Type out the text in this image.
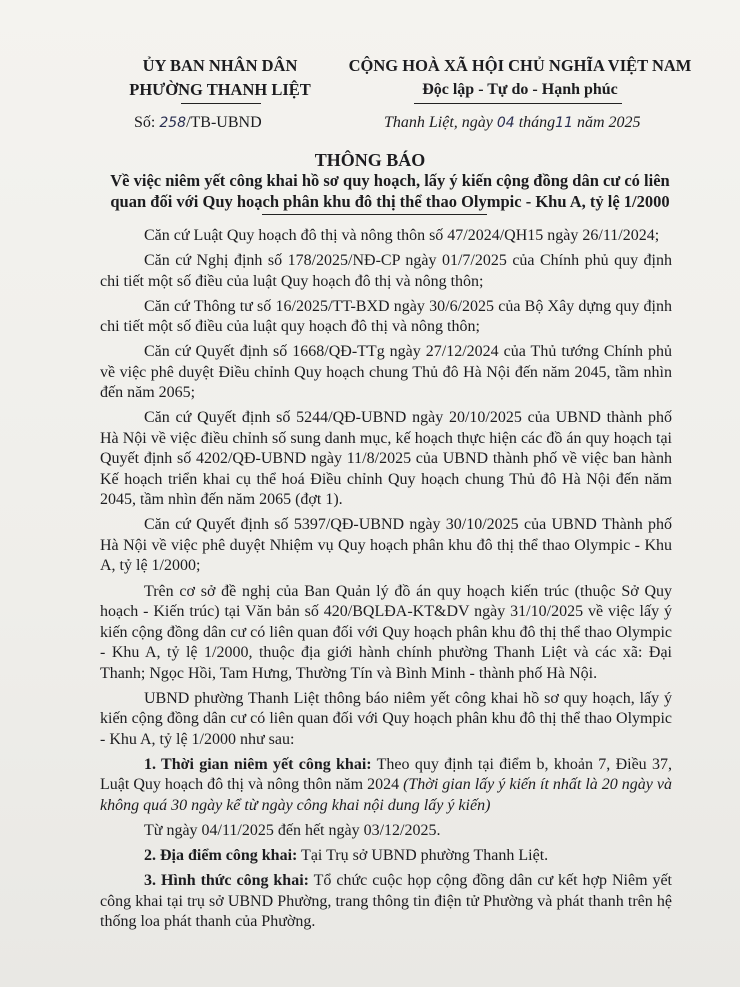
ỦY BAN NHÂN DÂN
PHƯỜNG THANH LIỆT
CỘNG HOÀ XÃ HỘI CHỦ NGHĨA VIỆT NAM
Độc lập - Tự do - Hạnh phúc
Số: 258/TB-UBND	Thanh Liệt, ngày 04 tháng11 năm 2025
THÔNG BÁO
Về việc niêm yết công khai hồ sơ quy hoạch, lấy ý kiến cộng đồng dân cư có liên quan đối với Quy hoạch phân khu đô thị thể thao Olympic - Khu A, tỷ lệ 1/2000

Căn cứ Luật Quy hoạch đô thị và nông thôn số 47/2024/QH15 ngày 26/11/2024;

Căn cứ Nghị định số 178/2025/NĐ-CP ngày 01/7/2025 của Chính phủ quy định chi tiết một số điều của luật Quy hoạch đô thị và nông thôn;

Căn cứ Thông tư số 16/2025/TT-BXD ngày 30/6/2025 của Bộ Xây dựng quy định chi tiết một số điều của luật quy hoạch đô thị và nông thôn;

Căn cứ Quyết định số 1668/QĐ-TTg ngày 27/12/2024 của Thủ tướng Chính phủ về việc phê duyệt Điều chỉnh Quy hoạch chung Thủ đô Hà Nội đến năm 2045, tầm nhìn đến năm 2065;

Căn cứ Quyết định số 5244/QĐ-UBND ngày 20/10/2025 của UBND thành phố Hà Nội về việc điều chỉnh số sung danh mục, kế hoạch thực hiện các đồ án quy hoạch tại Quyết định số 4202/QĐ-UBND ngày 11/8/2025 của UBND thành phố về việc ban hành Kế hoạch triển khai cụ thể hoá Điều chỉnh Quy hoạch chung Thủ đô Hà Nội đến năm 2045, tầm nhìn đến năm 2065 (đợt 1).

Căn cứ Quyết định số 5397/QĐ-UBND ngày 30/10/2025 của UBND Thành phố Hà Nội về việc phê duyệt Nhiệm vụ Quy hoạch phân khu đô thị thể thao Olympic - Khu A, tỷ lệ 1/2000;

Trên cơ sở đề nghị của Ban Quản lý đồ án quy hoạch kiến trúc (thuộc Sở Quy hoạch - Kiến trúc) tại Văn bản số 420/BQLĐA-KT&DV ngày 31/10/2025 về việc lấy ý kiến cộng đồng dân cư có liên quan đối với Quy hoạch phân khu đô thị thể thao Olympic - Khu A, tỷ lệ 1/2000, thuộc địa giới hành chính phường Thanh Liệt và các xã: Đại Thanh; Ngọc Hồi, Tam Hưng, Thường Tín và Bình Minh - thành phố Hà Nội.

UBND phường Thanh Liệt thông báo niêm yết công khai hồ sơ quy hoạch, lấy ý kiến cộng đồng dân cư có liên quan đối với Quy hoạch phân khu đô thị thể thao Olympic - Khu A, tỷ lệ 1/2000 như sau:

1. Thời gian niêm yết công khai: Theo quy định tại điểm b, khoản 7, Điều 37, Luật Quy hoạch đô thị và nông thôn năm 2024 (Thời gian lấy ý kiến ít nhất là 20 ngày và không quá 30 ngày kể từ ngày công khai nội dung lấy ý kiến)

Từ ngày 04/11/2025 đến hết ngày 03/12/2025.

2. Địa điểm công khai: Tại Trụ sở UBND phường Thanh Liệt.

3. Hình thức công khai: Tổ chức cuộc họp cộng đồng dân cư kết hợp Niêm yết công khai tại trụ sở UBND Phường, trang thông tin điện tử Phường và phát thanh trên hệ thống loa phát thanh của Phường.
